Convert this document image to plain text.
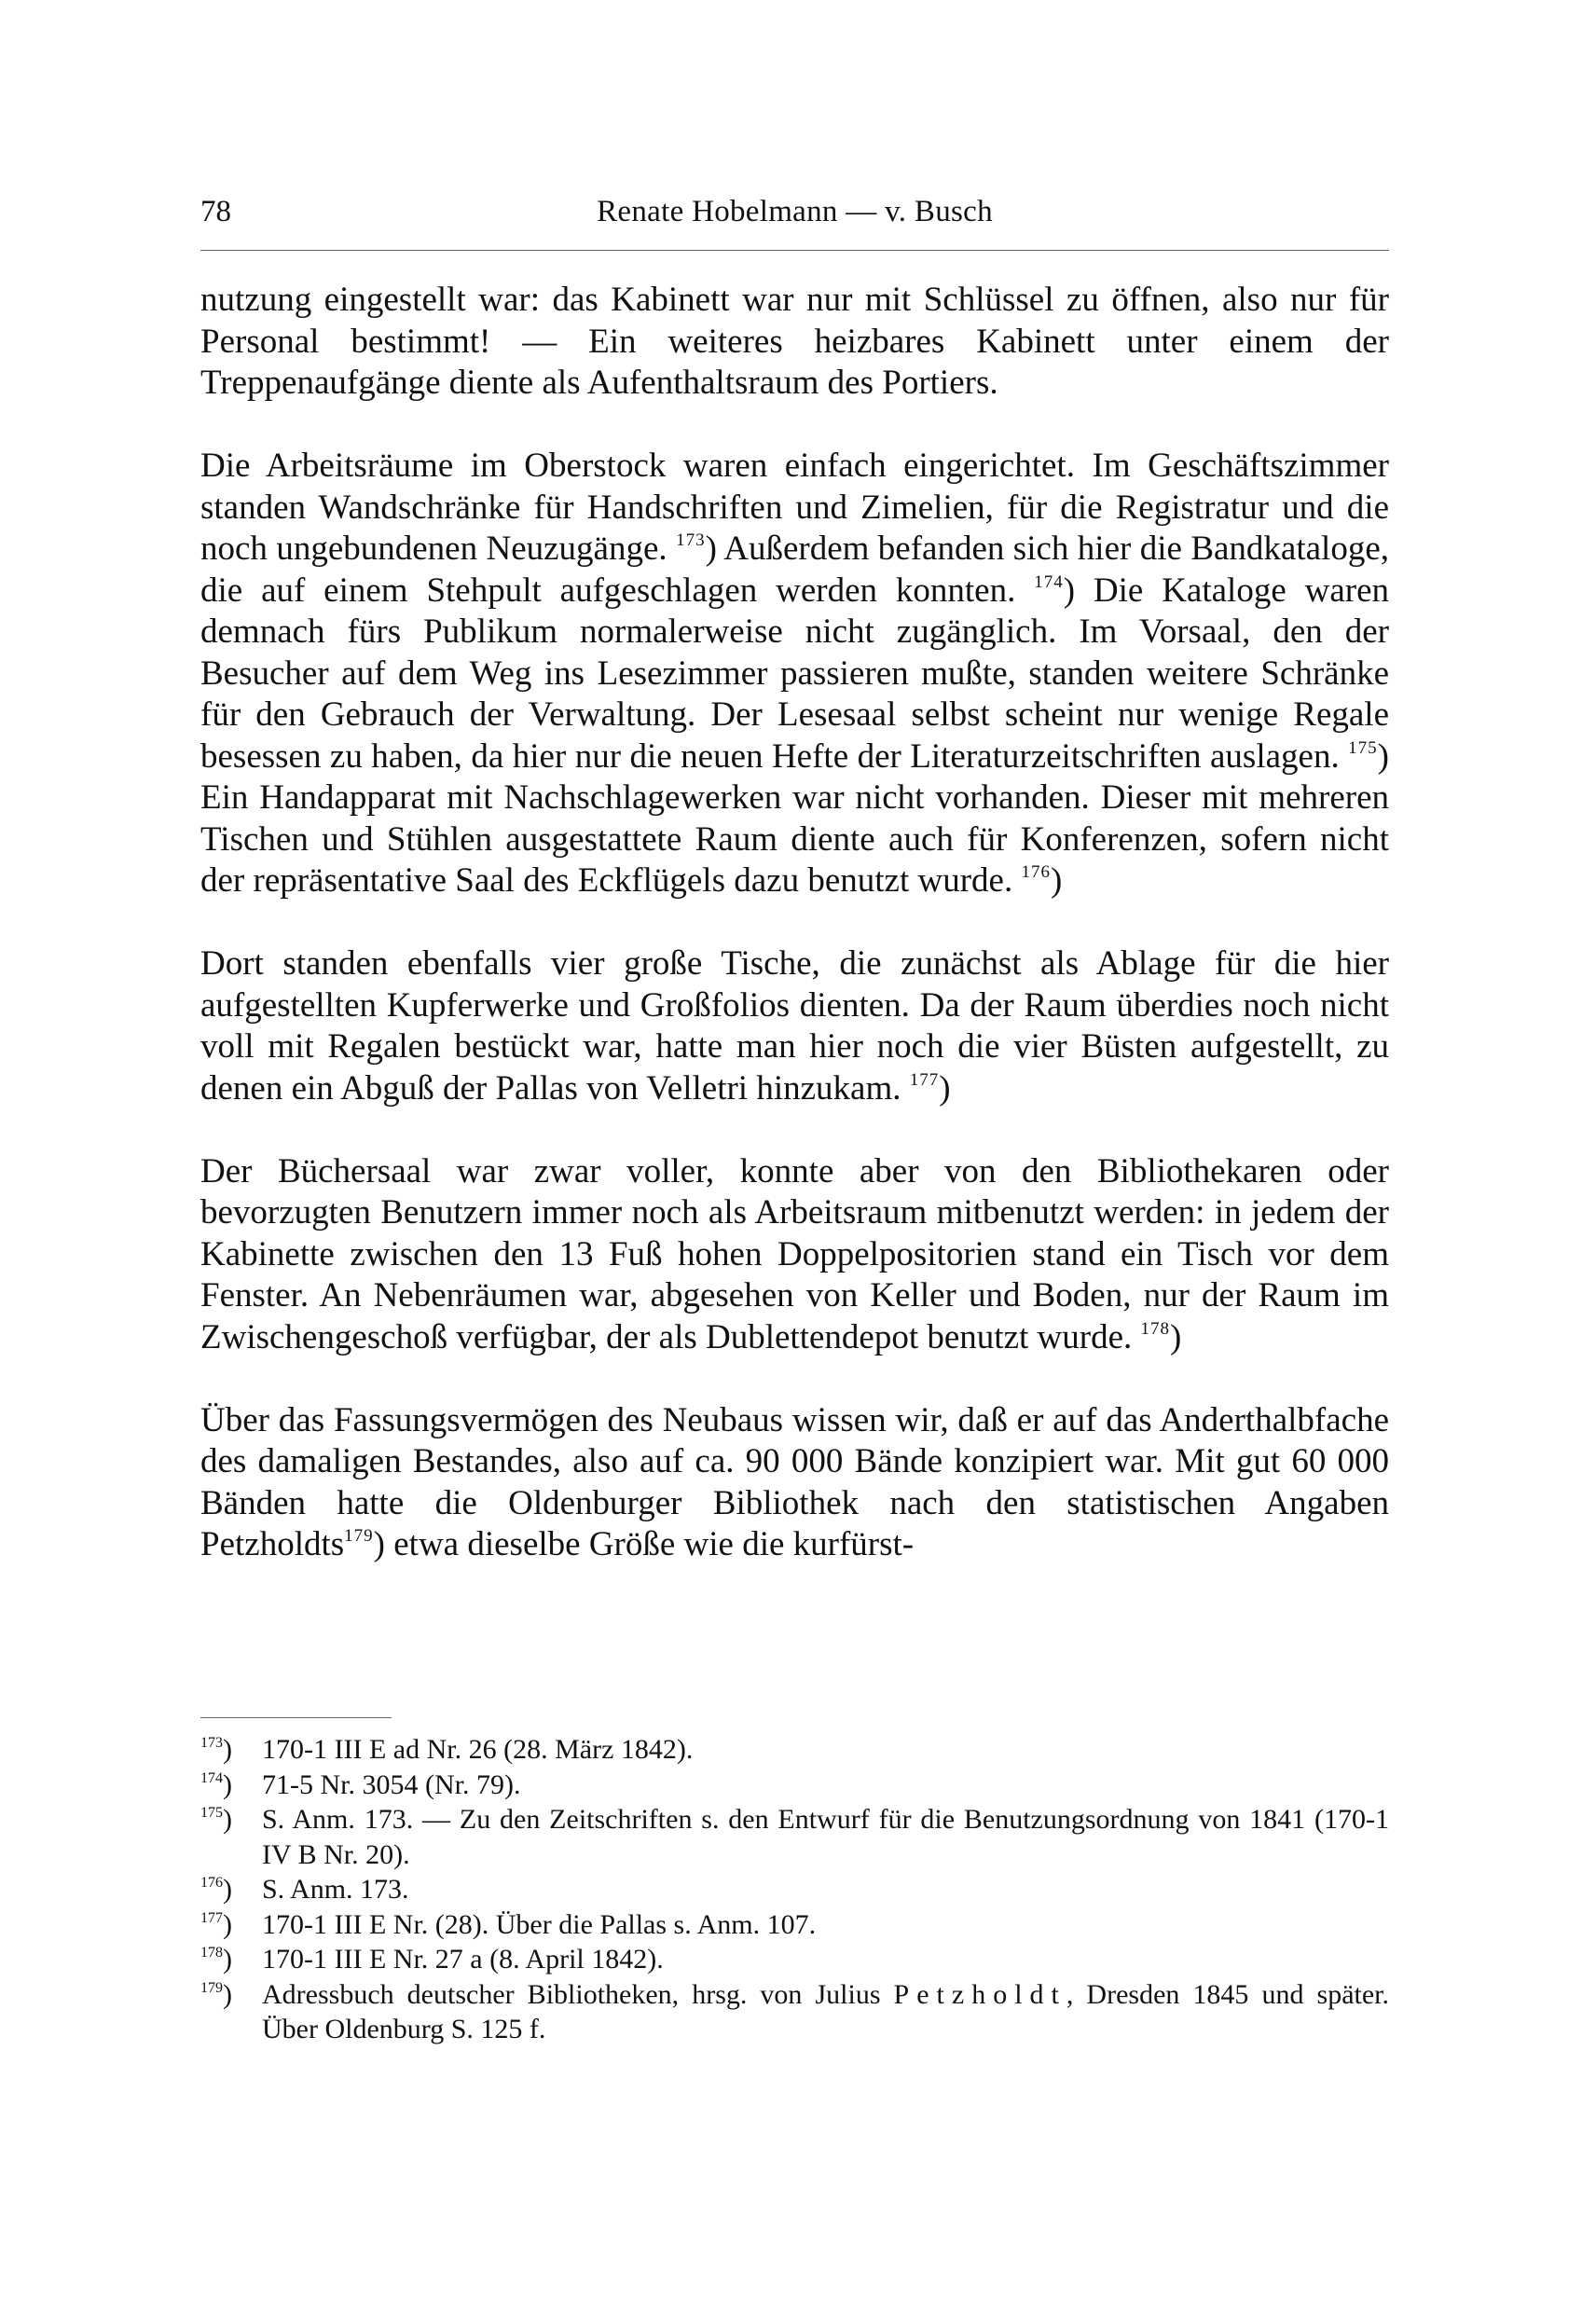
78	Renate Hobelmann — v. Busch

nutzung eingestellt war: das Kabinett war nur mit Schlüssel zu öffnen, also nur für Personal bestimmt! — Ein weiteres heizbares Kabinett unter einem der Treppenaufgänge diente als Aufenthaltsraum des Portiers.

Die Arbeitsräume im Oberstock waren einfach eingerichtet. Im Geschäftszimmer standen Wandschränke für Handschriften und Zimelien, für die Registratur und die noch ungebundenen Neuzugänge. $^{173}$) Außerdem befanden sich hier die Bandkataloge, die auf einem Stehpult aufgeschlagen werden konnten. $^{174}$) Die Kataloge waren demnach fürs Publikum normalerweise nicht zugänglich. Im Vorsaal, den der Besucher auf dem Weg ins Lesezimmer passieren mußte, standen weitere Schränke für den Gebrauch der Verwaltung. Der Lesesaal selbst scheint nur wenige Regale besessen zu haben, da hier nur die neuen Hefte der Literaturzeitschriften auslagen. $^{175}$) Ein Handapparat mit Nachschlagewerken war nicht vorhanden. Dieser mit mehreren Tischen und Stühlen ausgestattete Raum diente auch für Konferenzen, sofern nicht der repräsentative Saal des Eckflügels dazu benutzt wurde. $^{176}$)

Dort standen ebenfalls vier große Tische, die zunächst als Ablage für die hier aufgestellten Kupferwerke und Großfolios dienten. Da der Raum überdies noch nicht voll mit Regalen bestückt war, hatte man hier noch die vier Büsten aufgestellt, zu denen ein Abguß der Pallas von Velletri hinzukam. $^{177}$)

Der Büchersaal war zwar voller, konnte aber von den Bibliothekaren oder bevorzugten Benutzern immer noch als Arbeitsraum mitbenutzt werden: in jedem der Kabinette zwischen den 13 Fuß hohen Doppelpositorien stand ein Tisch vor dem Fenster. An Nebenräumen war, abgesehen von Keller und Boden, nur der Raum im Zwischengeschoß verfügbar, der als Dublettendepot benutzt wurde. $^{178}$)

Über das Fassungsvermögen des Neubaus wissen wir, daß er auf das Anderthalbfache des damaligen Bestandes, also auf ca. 90 000 Bände konzipiert war. Mit gut 60 000 Bänden hatte die Oldenburger Bibliothek nach den statistischen Angaben Petzholdts$^{179}$) etwa dieselbe Größe wie die kurfürst-

$^{173}$) 170-1 III E ad Nr. 26 (28. März 1842).
$^{174}$) 71-5 Nr. 3054 (Nr. 79).
$^{175}$) S. Anm. 173. — Zu den Zeitschriften s. den Entwurf für die Benutzungsordnung von 1841 (170-1 IV B Nr. 20).
$^{176}$) S. Anm. 173.
$^{177}$) 170-1 III E Nr. (28). Über die Pallas s. Anm. 107.
$^{178}$) 170-1 III E Nr. 27 a (8. April 1842).
$^{179}$) Adressbuch deutscher Bibliotheken, hrsg. von Julius Petzholdt, Dresden 1845 und später. Über Oldenburg S. 125 f.
